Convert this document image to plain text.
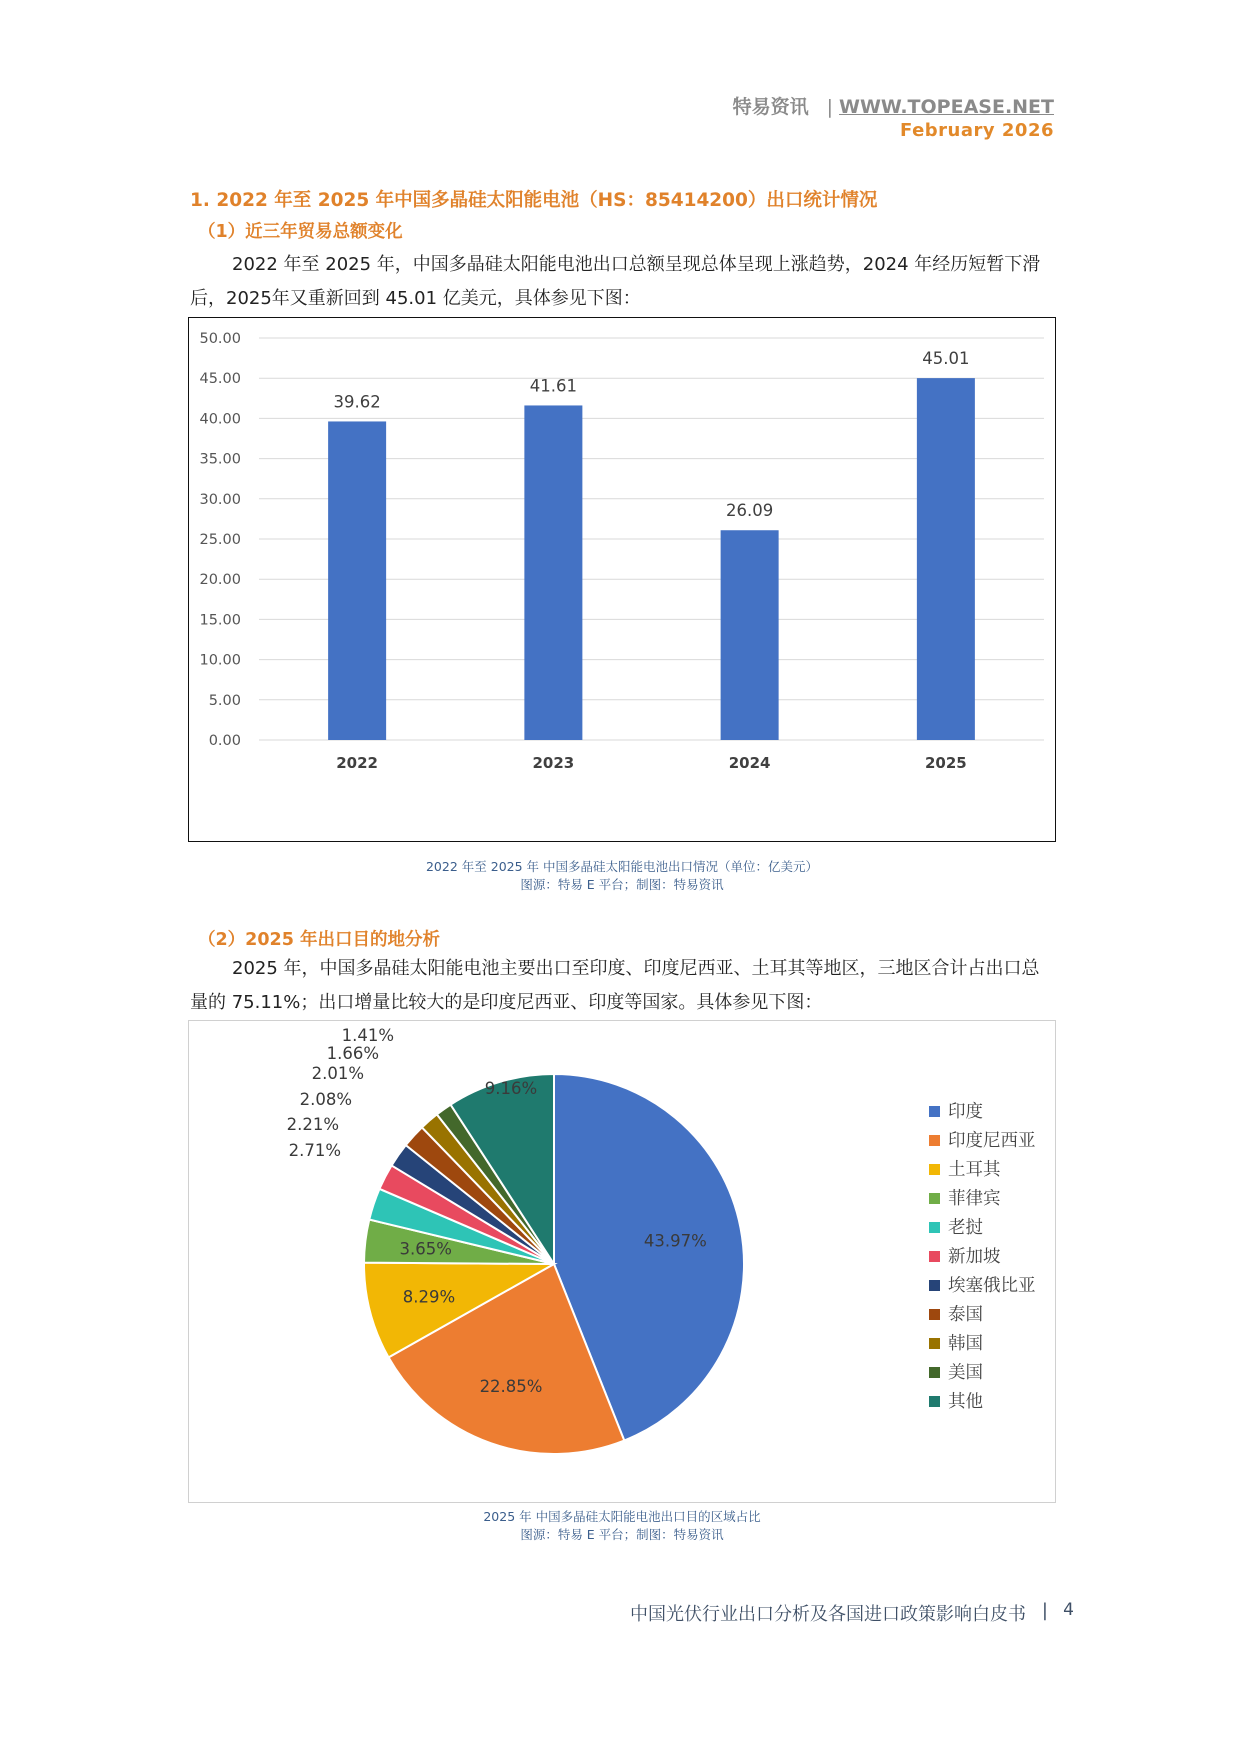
特易资讯 | WWW.TOPEASE.NET
February 2026
1. 2022 年至 2025 年中国多晶硅太阳能电池（HS：85414200）出口统计情况
（1）近三年贸易总额变化
2022 年至 2025 年，中国多晶硅太阳能电池出口总额呈现总体呈现上涨趋势，2024 年经历短暂下滑后，2025年又重新回到 45.01 亿美元，具体参见下图：
0.00
5.00
10.00
15.00
20.00
25.00
30.00
35.00
40.00
45.00
50.00
39.62
2022
41.61
2023
26.09
2024
45.01
2025
2022 年至 2025 年 中国多晶硅太阳能电池出口情况（单位：亿美元）
图源：特易 E 平台；制图：特易资讯
（2）2025 年出口目的地分析
2025 年，中国多晶硅太阳能电池主要出口至印度、印度尼西亚、土耳其等地区，三地区合计占出口总量的 75.11%；出口增量比较大的是印度尼西亚、印度等国家。具体参见下图：
43.97%
22.85%
8.29%
3.65%
2.71%
2.21%
2.08%
2.01%
1.66%
1.41%
9.16%
印度
印度尼西亚
土耳其
菲律宾
老挝
新加坡
埃塞俄比亚
泰国
韩国
美国
其他
2025 年 中国多晶硅太阳能电池出口目的区域占比
图源：特易 E 平台；制图：特易资讯
中国光伏行业出口分析及各国进口政策影响白皮书 | 4
